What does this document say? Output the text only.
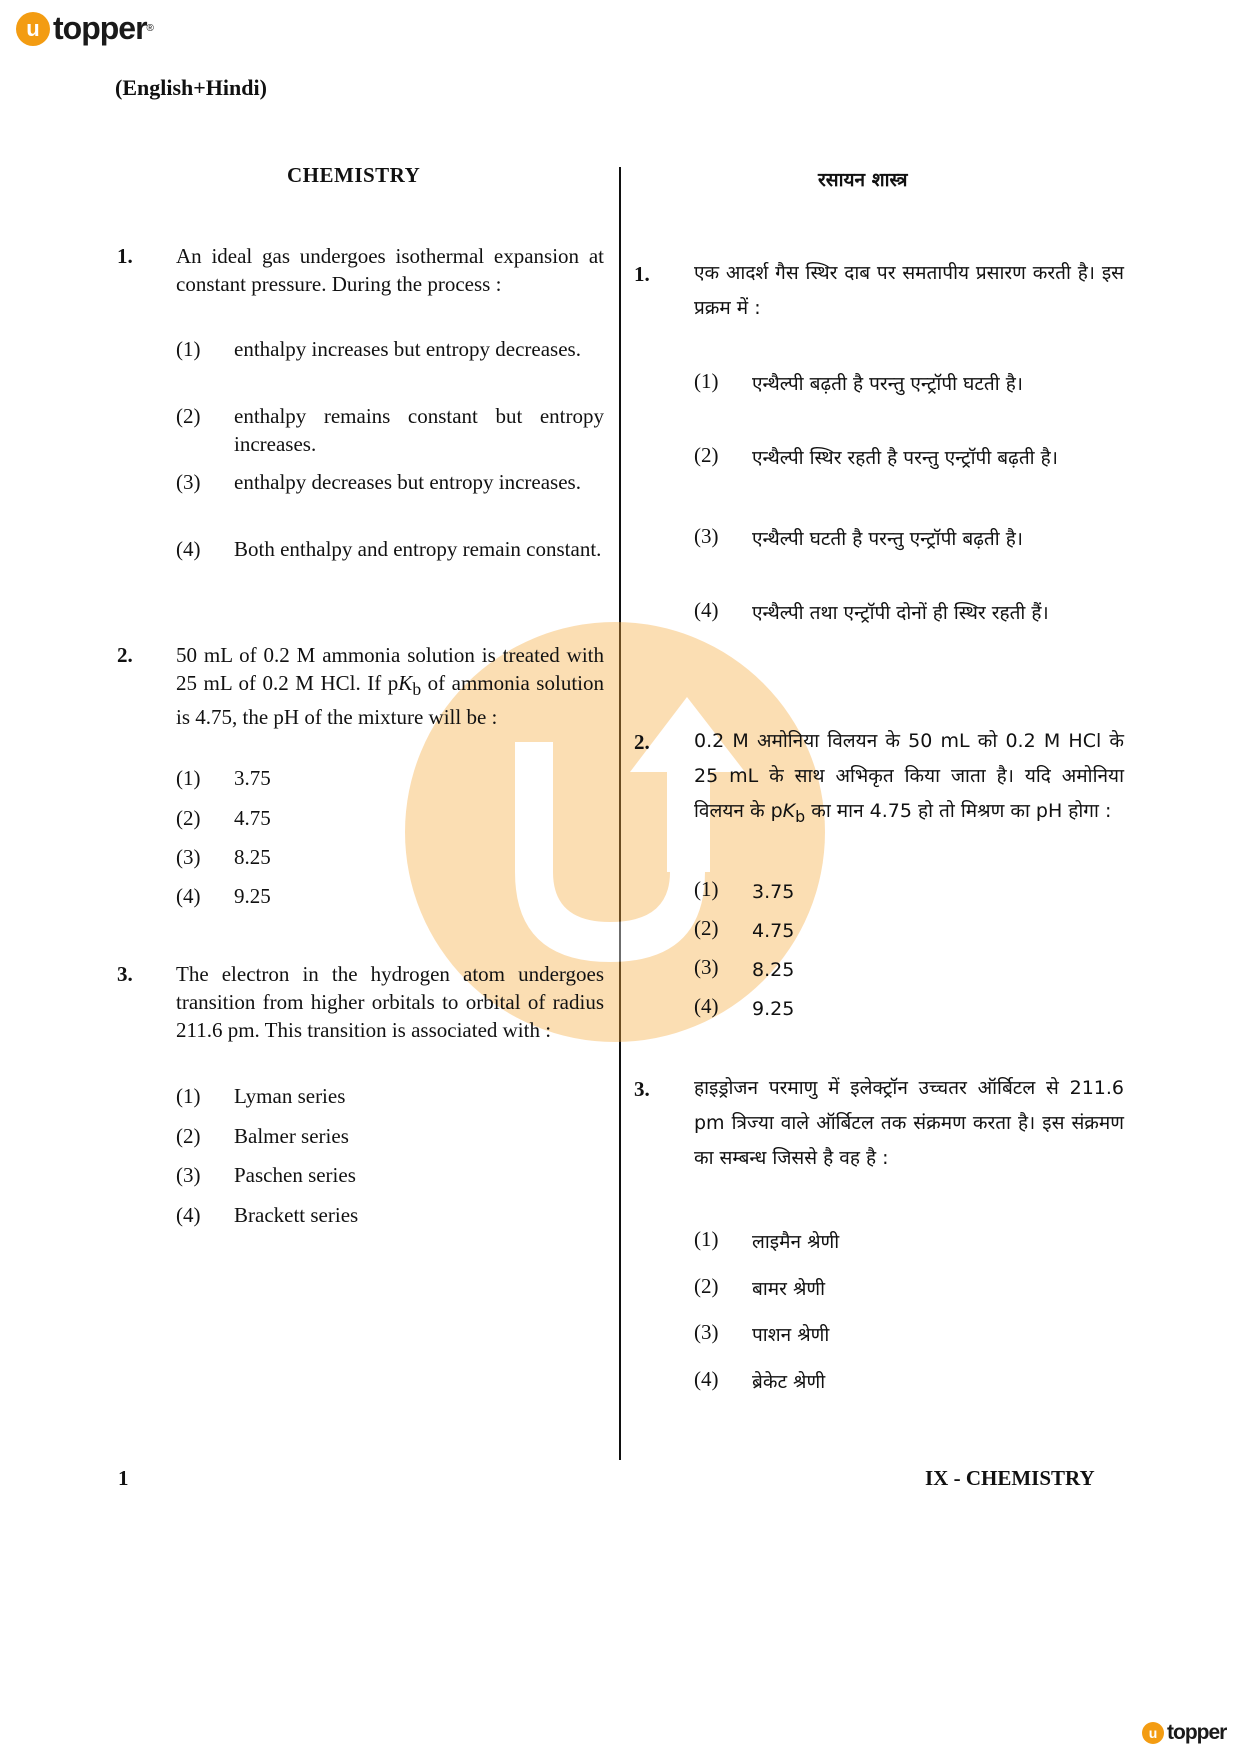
u topper ®
(English+Hindi)
CHEMISTRY	रसायन शास्त्र
1. An ideal gas undergoes isothermal expansion at constant pressure. During the process :
(1)	enthalpy increases but entropy decreases.
(2)	enthalpy remains constant but entropy increases.
(3)	enthalpy decreases but entropy increases.
(4)	Both enthalpy and entropy remain constant.
2. 50 mL of 0.2 M ammonia solution is treated with 25 mL of 0.2 M HCl. If $pK_b$ of ammonia solution is 4.75, the pH of the mixture will be :
(1)	3.75
(2)	4.75
(3)	8.25
(4)	9.25
3. The electron in the hydrogen atom undergoes transition from higher orbitals to orbital of radius 211.6 pm. This transition is associated with :
(1)	Lyman series
(2)	Balmer series
(3)	Paschen series
(4)	Brackett series
1. एक आदर्श गैस स्थिर दाब पर समतापीय प्रसारण करती है। इस प्रक्रम में :
(1)	एन्थैल्पी बढ़ती है परन्तु एन्ट्रॉपी घटती है।
(2)	एन्थैल्पी स्थिर रहती है परन्तु एन्ट्रॉपी बढ़ती है।
(3)	एन्थैल्पी घटती है परन्तु एन्ट्रॉपी बढ़ती है।
(4)	एन्थैल्पी तथा एन्ट्रॉपी दोनों ही स्थिर रहती हैं।
2. 0.2 M अमोनिया विलयन के 50 mL को 0.2 M HCl के 25 mL के साथ अभिकृत किया जाता है। यदि अमोनिया विलयन के $pK_b$ का मान 4.75 हो तो मिश्रण का pH होगा :
(1)	3.75
(2)	4.75
(3)	8.25
(4)	9.25
3. हाइड्रोजन परमाणु में इलेक्ट्रॉन उच्चतर ऑर्बिटल से 211.6 pm त्रिज्या वाले ऑर्बिटल तक संक्रमण करता है। इस संक्रमण का सम्बन्ध जिससे है वह है :
(1)	लाइमैन श्रेणी
(2)	बामर श्रेणी
(3)	पाशन श्रेणी
(4)	ब्रेकेट श्रेणी
1	IX - CHEMISTRY
u topper
